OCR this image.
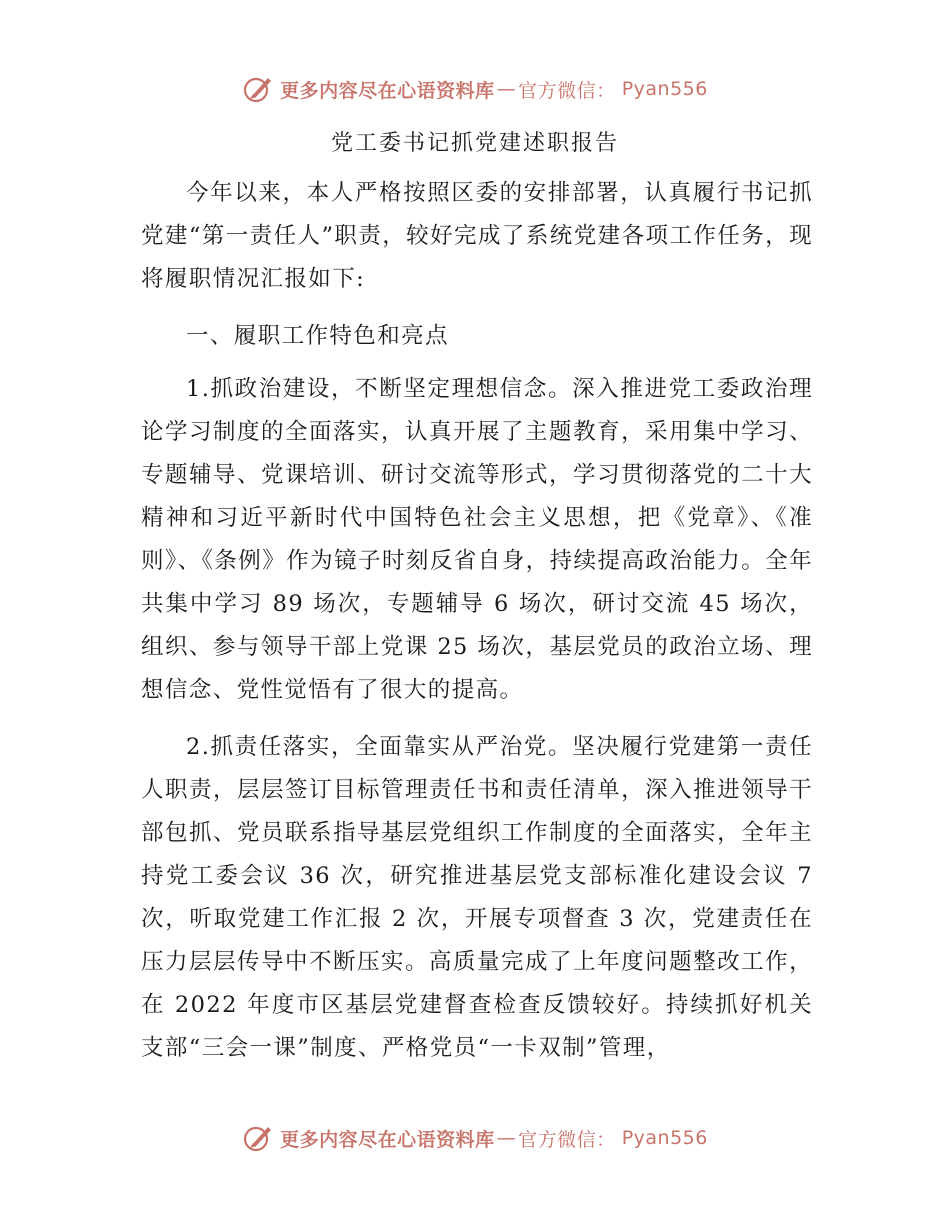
更多内容尽在心语资料库 — 官方微信： Pyan556
党工委书记抓党建述职报告

今年以来，本人严格按照区委的安排部署，认真履行书记抓党建“第一责任人”职责，较好完成了系统党建各项工作任务，现将履职情况汇报如下:

一、履职工作特色和亮点

1.抓政治建设，不断坚定理想信念。深入推进党工委政治理论学习制度的全面落实，认真开展了主题教育，采用集中学习、专题辅导、党课培训、研讨交流等形式，学习贯彻落党的二十大精神和习近平新时代中国特色社会主义思想，把《党章》、《准则》、《条例》作为镜子时刻反省自身，持续提高政治能力。全年共集中学习 89 场次，专题辅导 6 场次，研讨交流 45 场次，组织、参与领导干部上党课 25 场次，基层党员的政治立场、理想信念、党性觉悟有了很大的提高。

2.抓责任落实，全面靠实从严治党。坚决履行党建第一责任人职责，层层签订目标管理责任书和责任清单，深入推进领导干部包抓、党员联系指导基层党组织工作制度的全面落实，全年主持党工委会议 36 次，研究推进基层党支部标准化建设会议 7 次，听取党建工作汇报 2 次，开展专项督查 3 次，党建责任在压力层层传导中不断压实。高质量完成了上年度问题整改工作，在 2022 年度市区基层党建督查检查反馈较好。持续抓好机关支部“三会一课”制度、严格党员“一卡双制”管理，

更多内容尽在心语资料库 — 官方微信： Pyan556
